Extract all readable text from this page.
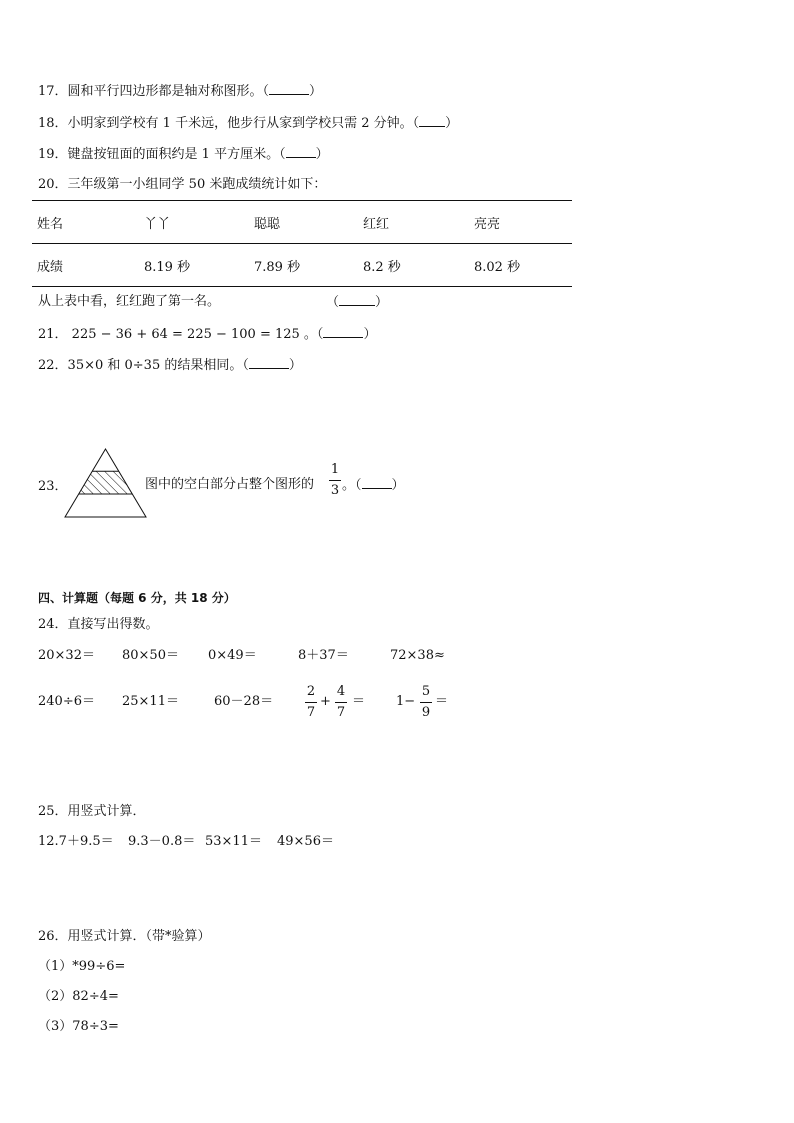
17．圆和平行四边形都是轴对称图形。（	）
18．小明家到学校有 1 千米远，他步行从家到学校只需 2 分钟。（ ）
19．键盘按钮面的面积约是 1 平方厘米。（ ）
20．三年级第一小组同学 50 米跑成绩统计如下：
姓名	丫丫	聪聪	红红	亮亮
成绩	8.19 秒	7.89 秒	8.2 秒	8.02 秒
从上表中看，红红跑了第一名。	（	）
21． 225 − 36 + 64 = 225 − 100 = 125 。（	）
22．35×0 和 0÷35 的结果相同。（	）
23．	图中的空白部分占整个图形的
1
3 。（ ）
四、计算题（每题 6 分，共 18 分）
24．直接写出得数。
20×32＝ 80×50＝ 0×49＝	8＋37＝	72×38≈
240÷6＝ 25×11＝	60－28＝
2
7
+
4
7
＝ 1−
5
9
＝
25．用竖式计算．
12.7＋9.5＝ 9.3－0.8＝ 53×11＝ 49×56＝
26．用竖式计算．（带*验算）
（1）*99÷6=
（2）82÷4=
（3）78÷3=
